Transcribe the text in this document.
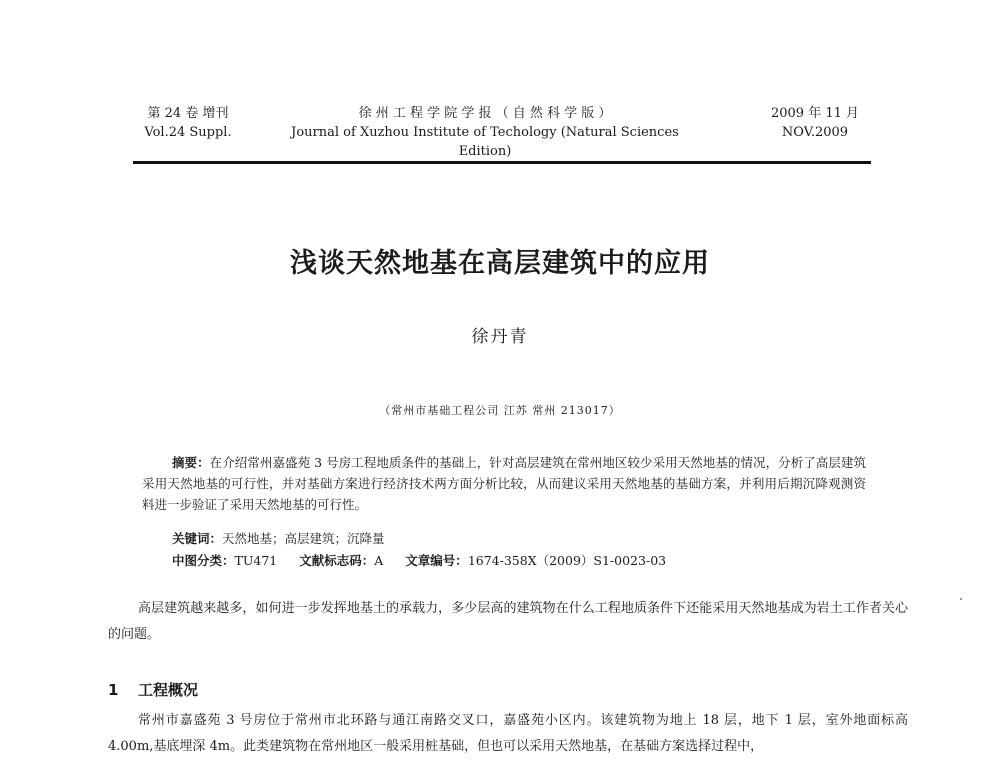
第 24 卷 增刊
Vol.24 Suppl.
徐 州 工 程 学 院 学 报 （ 自 然 科 学 版 ）
Journal of Xuzhou Institute of Techology (Natural Sciences Edition)
2009 年 11 月
NOV.2009
浅谈天然地基在高层建筑中的应用
徐丹青
（常州市基础工程公司 江苏 常州 213017）

摘要：在介绍常州嘉盛苑 3 号房工程地质条件的基础上，针对高层建筑在常州地区较少采用天然地基的情况，分析了高层建筑采用天然地基的可行性，并对基础方案进行经济技术两方面分析比较，从而建议采用天然地基的基础方案，并利用后期沉降观测资料进一步验证了采用天然地基的可行性。

关键词：天然地基；高层建筑；沉降量
中图分类：TU471 文献标志码：A 文章编号：1674-358X（2009）S1-0023-03

高层建筑越来越多，如何进一步发挥地基土的承载力，多少层高的建筑物在什么工程地质条件下还能采用天然地基成为岩土工作者关心的问题。

1 工程概况

常州市嘉盛苑 3 号房位于常州市北环路与通江南路交叉口，嘉盛苑小区内。该建筑物为地上 18 层，地下 1 层，室外地面标高 4.00m,基底埋深 4m。此类建筑物在常州地区一般采用桩基础，但也可以采用天然地基，在基础方案选择过程中，
